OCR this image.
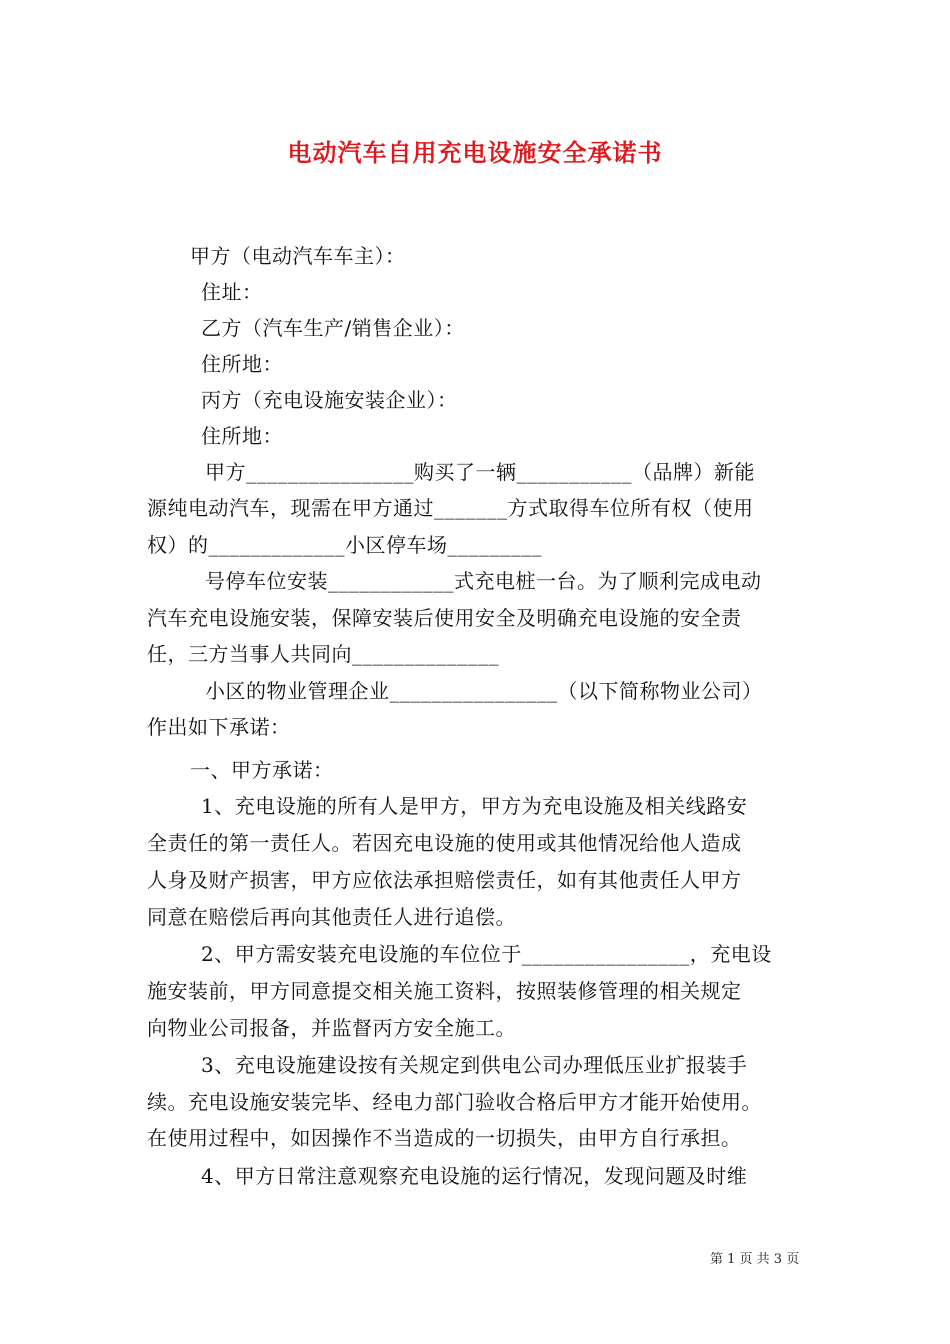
电动汽车自用充电设施安全承诺书
甲方（电动汽车车主）：
住址：
乙方（汽车生产/销售企业）：
住所地：
丙方（充电设施安装企业）：
住所地：
甲方________________购买了一辆___________（品牌）新能
源纯电动汽车，现需在甲方通过_______方式取得车位所有权（使用
权）的_____________小区停车场_________
号停车位安装____________式充电桩一台。为了顺利完成电动
汽车充电设施安装，保障安装后使用安全及明确充电设施的安全责
任，三方当事人共同向______________
小区的物业管理企业________________（以下简称物业公司）
作出如下承诺：
一、甲方承诺：
1、充电设施的所有人是甲方，甲方为充电设施及相关线路安
全责任的第一责任人。若因充电设施的使用或其他情况给他人造成
人身及财产损害，甲方应依法承担赔偿责任，如有其他责任人甲方
同意在赔偿后再向其他责任人进行追偿。
2、甲方需安装充电设施的车位位于________________，充电设
施安装前，甲方同意提交相关施工资料，按照装修管理的相关规定
向物业公司报备，并监督丙方安全施工。
3、充电设施建设按有关规定到供电公司办理低压业扩报装手
续。充电设施安装完毕、经电力部门验收合格后甲方才能开始使用。
在使用过程中，如因操作不当造成的一切损失，由甲方自行承担。
4、甲方日常注意观察充电设施的运行情况，发现问题及时维
第 1 页 共 3 页
